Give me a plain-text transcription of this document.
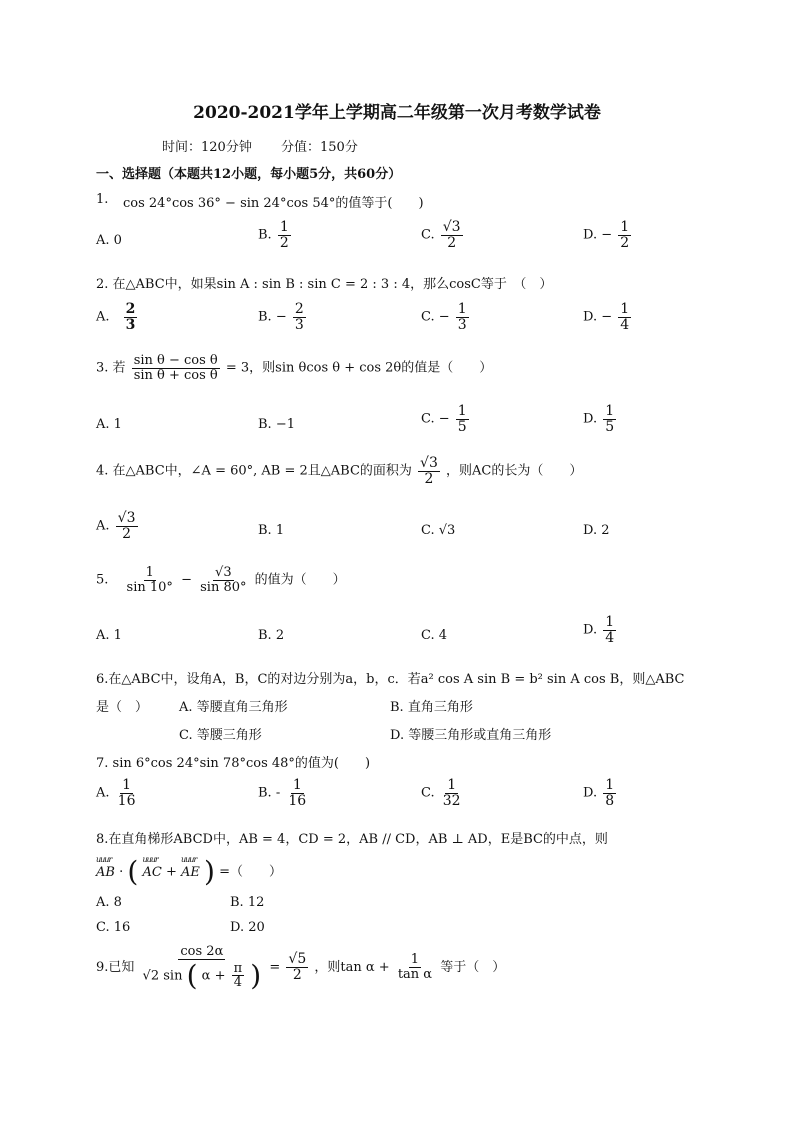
2020-2021学年上学期高二年级第一次月考数学试卷
时间：120分钟 分值：150分
一、选择题（本题共12小题，每小题5分，共60分）
1. cos 24°cos 36° − sin 24°cos 54°的值等于(　　)
A. 0	B. $\frac{1}{2}$	C. $\frac{√3}{2}$	D. − $\frac{1}{2}$
2. 在△ABC中，如果sin A : sin B : sin C = 2 : 3 : 4，那么cosC等于　（　）
A. $\frac{2}{3}$	B. − $\frac{2}{3}$	C. − $\frac{1}{3}$	D. − $\frac{1}{4}$
3. 若 $\frac{\text{sin θ − cos θ}}{\text{sin θ + cos θ}} = 3$，则sin θcos θ + cos 2θ的值是（　　）
A. 1	B. −1	C. − $\frac{1}{5}$	D. $\frac{1}{5}$
4. 在△ABC中，∠A = 60°, AB = 2且△ABC的面积为 $\frac{√3}{2}$ ，则AC的长为（　　）
A. $\frac{√3}{2}$	B. 1	C. √3	D. 2
5. $\frac{1}{\sin 10^\circ} - \frac{√3}{\sin 80^\circ}$ 的值为（　　）
A. 1	B. 2	C. 4	D. $\frac{1}{4}$
6.在△ABC中，设角A，B，C的对边分别为a，b，c．若a² cos A sin B = b² sin A cos B，则△ABC
是（　） A. 等腰直角三角形	B. 直角三角形
C. 等腰三角形	D. 等腰三角形或直角三角形
7. sin 6°cos 24°sin 78°cos 48°的值为(　　)
A. $\frac{1}{16}$	B. - $\frac{1}{16}$	C. $\frac{1}{32}$	D. $\frac{1}{8}$
8.在直角梯形ABCD中，AB = 4，CD = 2，AB // CD，AB ⊥ AD，E是BC的中点，则
uuur AB · ( uuur AC + uuur AE ) =（　　）
A. 8	B. 12
C. 16	D. 20
9.已知 $\frac{\cos 2\alpha}{√2 \sin ( \alpha + \frac{\pi}{4} )} = \frac{√5}{2}$ ，则$\tan \alpha + \frac{1}{\text{tan α}}$ 等于（　）
